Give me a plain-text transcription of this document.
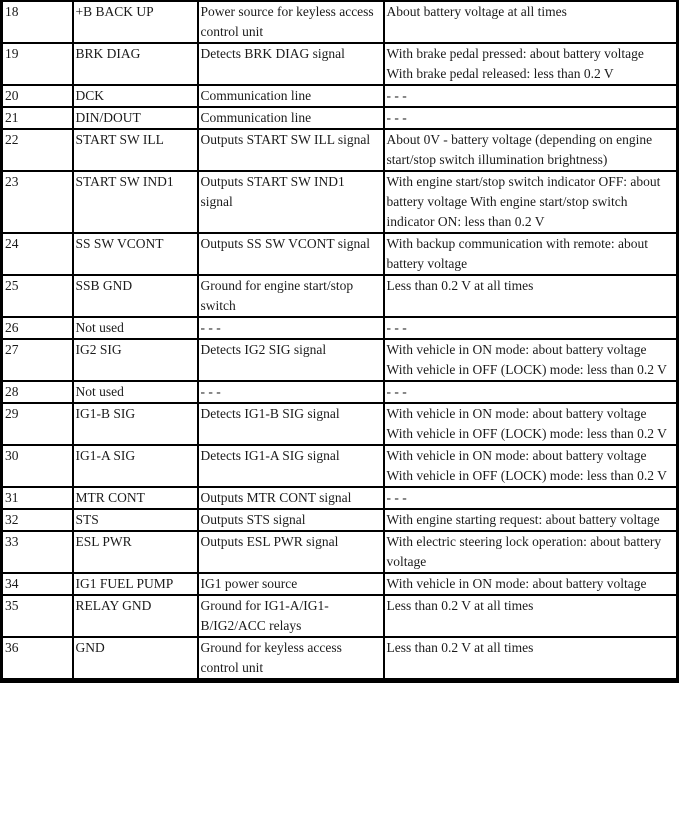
18	+B BACK UP	Power source for keyless access control unit	About battery voltage at all times
19	BRK DIAG	Detects BRK DIAG signal	With brake pedal pressed: about battery voltage With brake pedal released: less than 0.2 V
20	DCK	Communication line	- - -
21	DIN/DOUT	Communication line	- - -
22	START SW ILL	Outputs START SW ILL signal	About 0V - battery voltage (depending on engine start/stop switch illumination brightness)
23	START SW IND1	Outputs START SW IND1 signal	With engine start/stop switch indicator OFF: about battery voltage With engine start/stop switch indicator ON: less than 0.2 V
24	SS SW VCONT	Outputs SS SW VCONT signal	With backup communication with remote: about battery voltage
25	SSB GND	Ground for engine start/stop switch	Less than 0.2 V at all times
26	Not used	- - -	- - -
27	IG2 SIG	Detects IG2 SIG signal	With vehicle in ON mode: about battery voltage With vehicle in OFF (LOCK) mode: less than 0.2 V
28	Not used	- - -	- - -
29	IG1-B SIG	Detects IG1-B SIG signal	With vehicle in ON mode: about battery voltage With vehicle in OFF (LOCK) mode: less than 0.2 V
30	IG1-A SIG	Detects IG1-A SIG signal	With vehicle in ON mode: about battery voltage With vehicle in OFF (LOCK) mode: less than 0.2 V
31	MTR CONT	Outputs MTR CONT signal	- - -
32	STS	Outputs STS signal	With engine starting request: about battery voltage
33	ESL PWR	Outputs ESL PWR signal	With electric steering lock operation: about battery voltage
34	IG1 FUEL PUMP	IG1 power source	With vehicle in ON mode: about battery voltage
35	RELAY GND	Ground for IG1-A/IG1-B/IG2/ACC relays	Less than 0.2 V at all times
36	GND	Ground for keyless access control unit	Less than 0.2 V at all times
